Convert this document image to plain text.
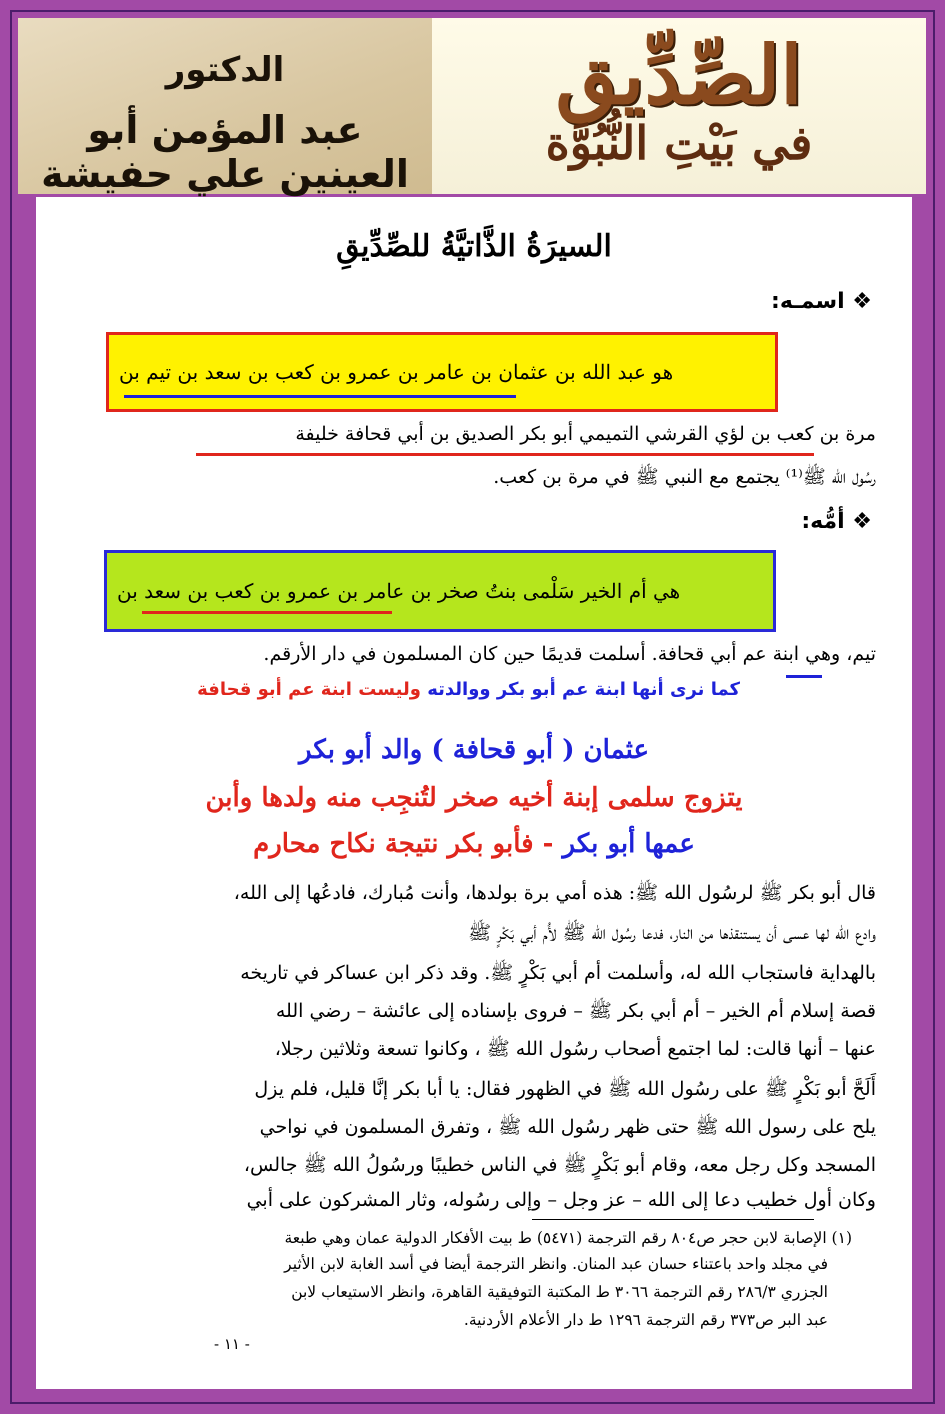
الدكتور
عبد المؤمن أبو العينين علي حفيشة
الصِّدِّيق
في بَيْتِ النُّبُوَّة
السيرَةُ الذَّاتيَّةُ للصِّدِّيقِ
❖ اسمـه:
هو عبد الله بن عثمان بن عامر بن عمرو بن كعب بن سعد بن تيم بن
مرة بن كعب بن لؤي القرشي التميمي أبو بكر الصديق بن أبي قحافة خليفة
رسُول الله ﷺ⁽¹⁾ يجتمع مع النبي ﷺ في مرة بن كعب.
❖ أمُّه:
هي أم الخير سَلْمى بنتُ صخر بن عامر بن عمرو بن كعب بن سعد بن
تيم، وهي ابنة عم أبي قحافة. أسلمت قديمًا حين كان المسلمون في دار الأرقم.
كما نرى أنها ابنة عم أبو بكر ووالدته وليست ابنة عم أبو قحافة
عثمان ( أبو قحافة ) والد أبو بكر
يتزوج سلمى إبنة أخيه صخر لتُنجِب منه ولدها وأبن
عمها أبو بكر - فأبو بكر نتيجة نكاح محارم
قال أبو بكر ﷺ لرسُول الله ﷺ: هذه أمي برة بولدها، وأنت مُبارك، فادعُها إلى الله،
وادع الله لها عسى أن يستنقذها من النار، فدعا رسُول الله ﷺ لأُم أبي بَكْرٍ ﷺ
بالهداية فاستجاب الله له، وأسلمت أم أبي بَكْرٍ ﷺ. وقد ذكر ابن عساكر في تاريخه
قصة إسلام أم الخير – أم أبي بكر ﷺ – فروى بإسناده إلى عائشة – رضي الله
عنها – أنها قالت: لما اجتمع أصحاب رسُول الله ﷺ ، وكانوا تسعة وثلاثين رجلا،
أَلَحَّ أبو بَكْرٍ ﷺ على رسُول الله ﷺ في الظهور فقال: يا أبا بكر إنَّا قليل، فلم يزل
يلح على رسول الله ﷺ حتى ظهر رسُول الله ﷺ ، وتفرق المسلمون في نواحي
المسجد وكل رجل معه، وقام أبو بَكْرٍ ﷺ في الناس خطيبًا ورسُولُ الله ﷺ جالس،
وكان أول خطيب دعا إلى الله – عز وجل – وإلى رسُوله، وثار المشركون على أبي
(١) الإصابة لابن حجر ص٨٠٤ رقم الترجمة (٥٤٧١) ط بيت الأفكار الدولية عمان وهي طبعة
في مجلد واحد باعتناء حسان عبد المنان. وانظر الترجمة أيضا في أسد الغابة لابن الأثير
الجزري ٢٨٦/٣ رقم الترجمة ٣٠٦٦ ط المكتبة التوفيقية القاهرة، وانظر الاستيعاب لابن
عبد البر ص٣٧٣ رقم الترجمة ١٢٩٦ ط دار الأعلام الأردنية.
- ١١ -
